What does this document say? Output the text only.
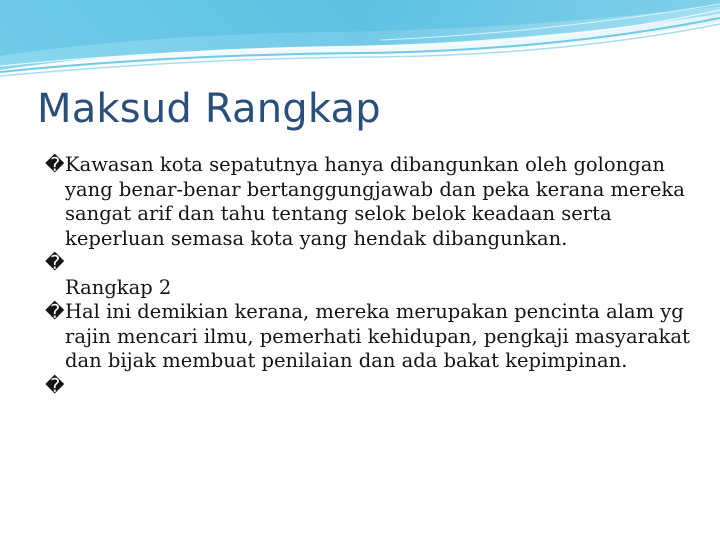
Maksud Rangkap
� Kawasan kota sepatutnya hanya dibangunkan oleh golongan yang benar-benar bertanggungjawab dan peka kerana mereka sangat arif dan tahu tentang selok belok keadaan serta keperluan semasa kota yang hendak dibangunkan.
�
Rangkap 2
� Hal ini demikian kerana, mereka merupakan pencinta alam yg rajin mencari ilmu, pemerhati kehidupan, pengkaji masyarakat dan bijak membuat penilaian dan ada bakat kepimpinan.
�
